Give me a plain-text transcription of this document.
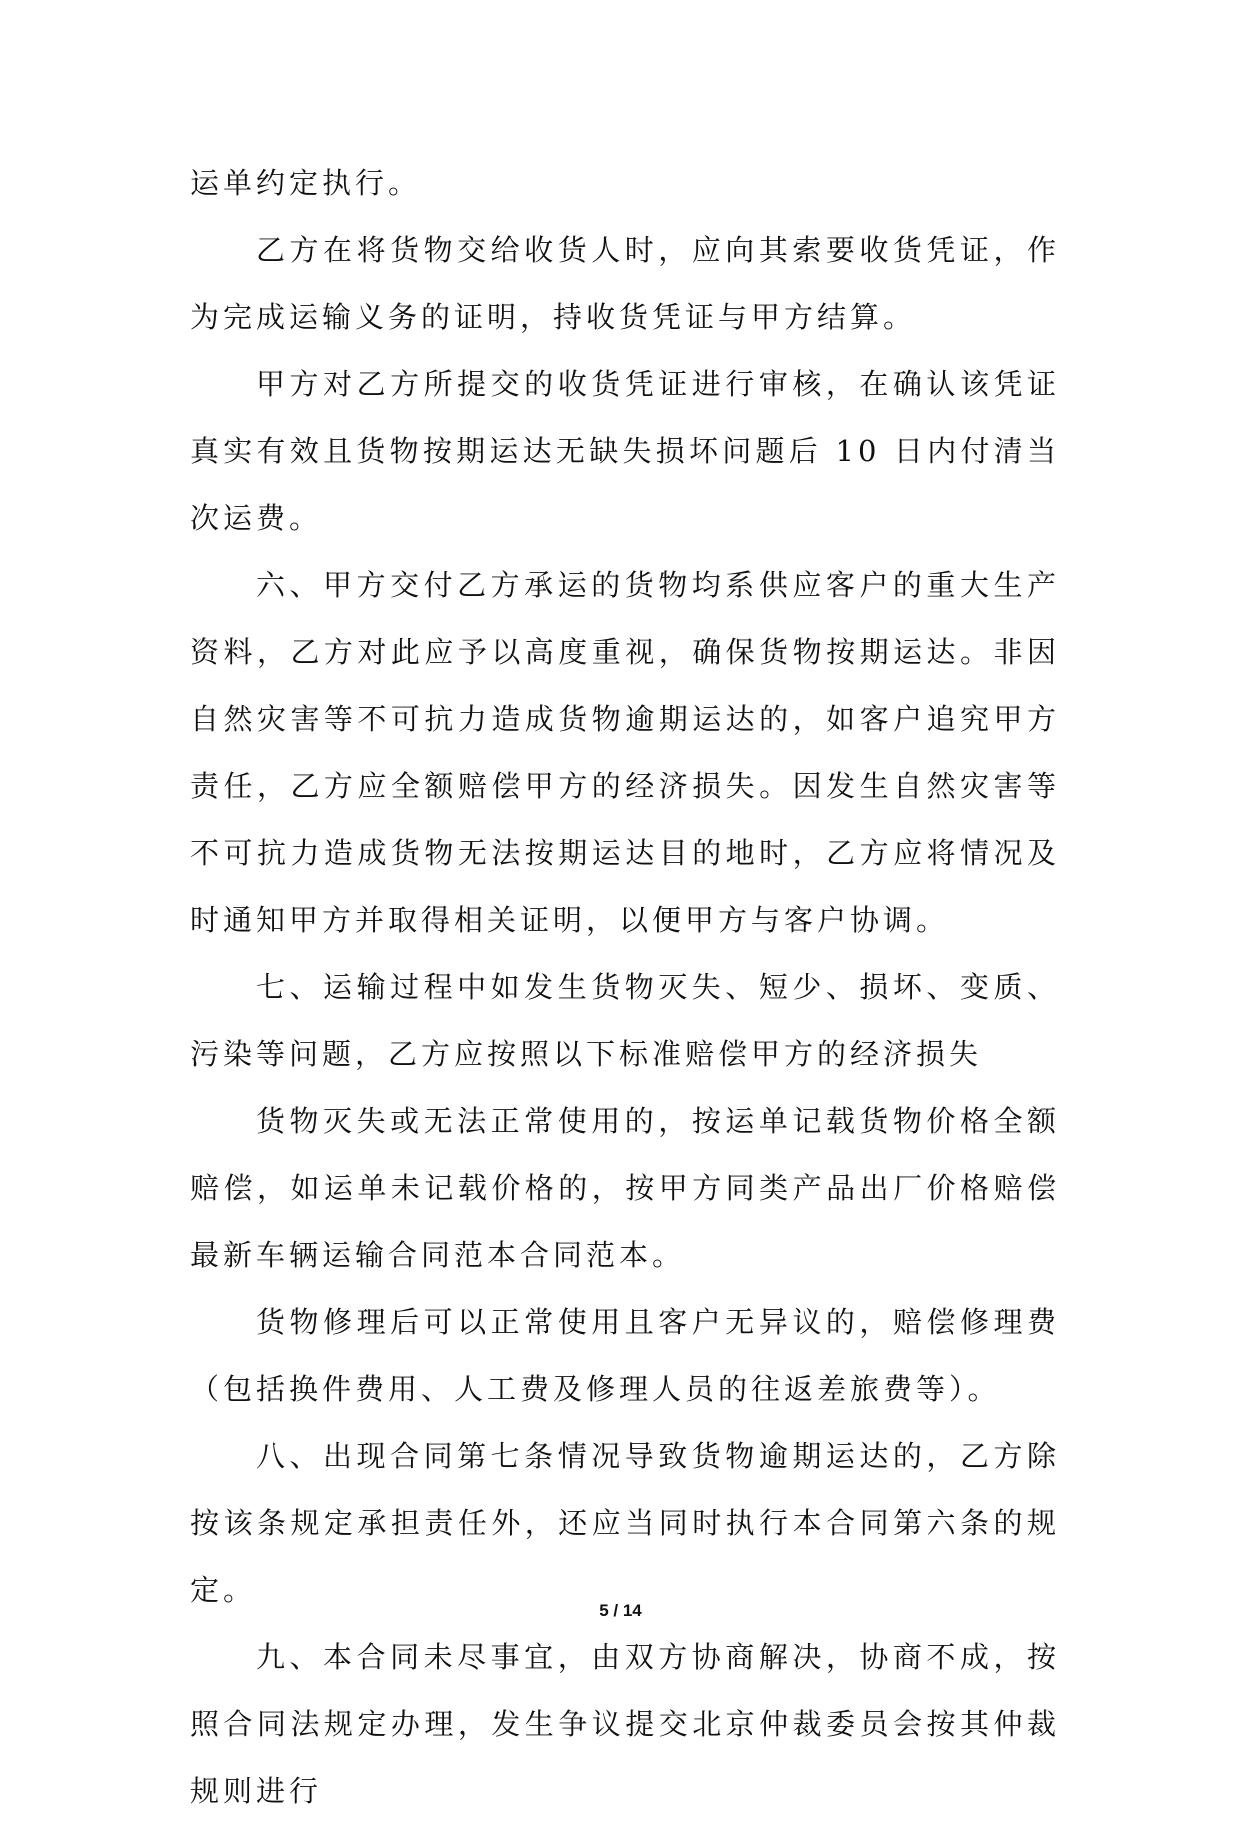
运单约定执行。

乙方在将货物交给收货人时，应向其索要收货凭证，作为完成运输义务的证明，持收货凭证与甲方结算。

甲方对乙方所提交的收货凭证进行审核，在确认该凭证真实有效且货物按期运达无缺失损坏问题后 10 日内付清当次运费。

六、甲方交付乙方承运的货物均系供应客户的重大生产资料，乙方对此应予以高度重视，确保货物按期运达。非因自然灾害等不可抗力造成货物逾期运达的，如客户追究甲方责任，乙方应全额赔偿甲方的经济损失。因发生自然灾害等不可抗力造成货物无法按期运达目的地时，乙方应将情况及时通知甲方并取得相关证明，以便甲方与客户协调。

七、运输过程中如发生货物灭失、短少、损坏、变质、污染等问题，乙方应按照以下标准赔偿甲方的经济损失

货物灭失或无法正常使用的，按运单记载货物价格全额赔偿，如运单未记载价格的，按甲方同类产品出厂价格赔偿最新车辆运输合同范本合同范本。

货物修理后可以正常使用且客户无异议的，赔偿修理费（包括换件费用、人工费及修理人员的往返差旅费等）。

八、出现合同第七条情况导致货物逾期运达的，乙方除按该条规定承担责任外，还应当同时执行本合同第六条的规定。

九、本合同未尽事宜，由双方协商解决，协商不成，按照合同法规定办理，发生争议提交北京仲裁委员会按其仲裁规则进行

5 / 14
